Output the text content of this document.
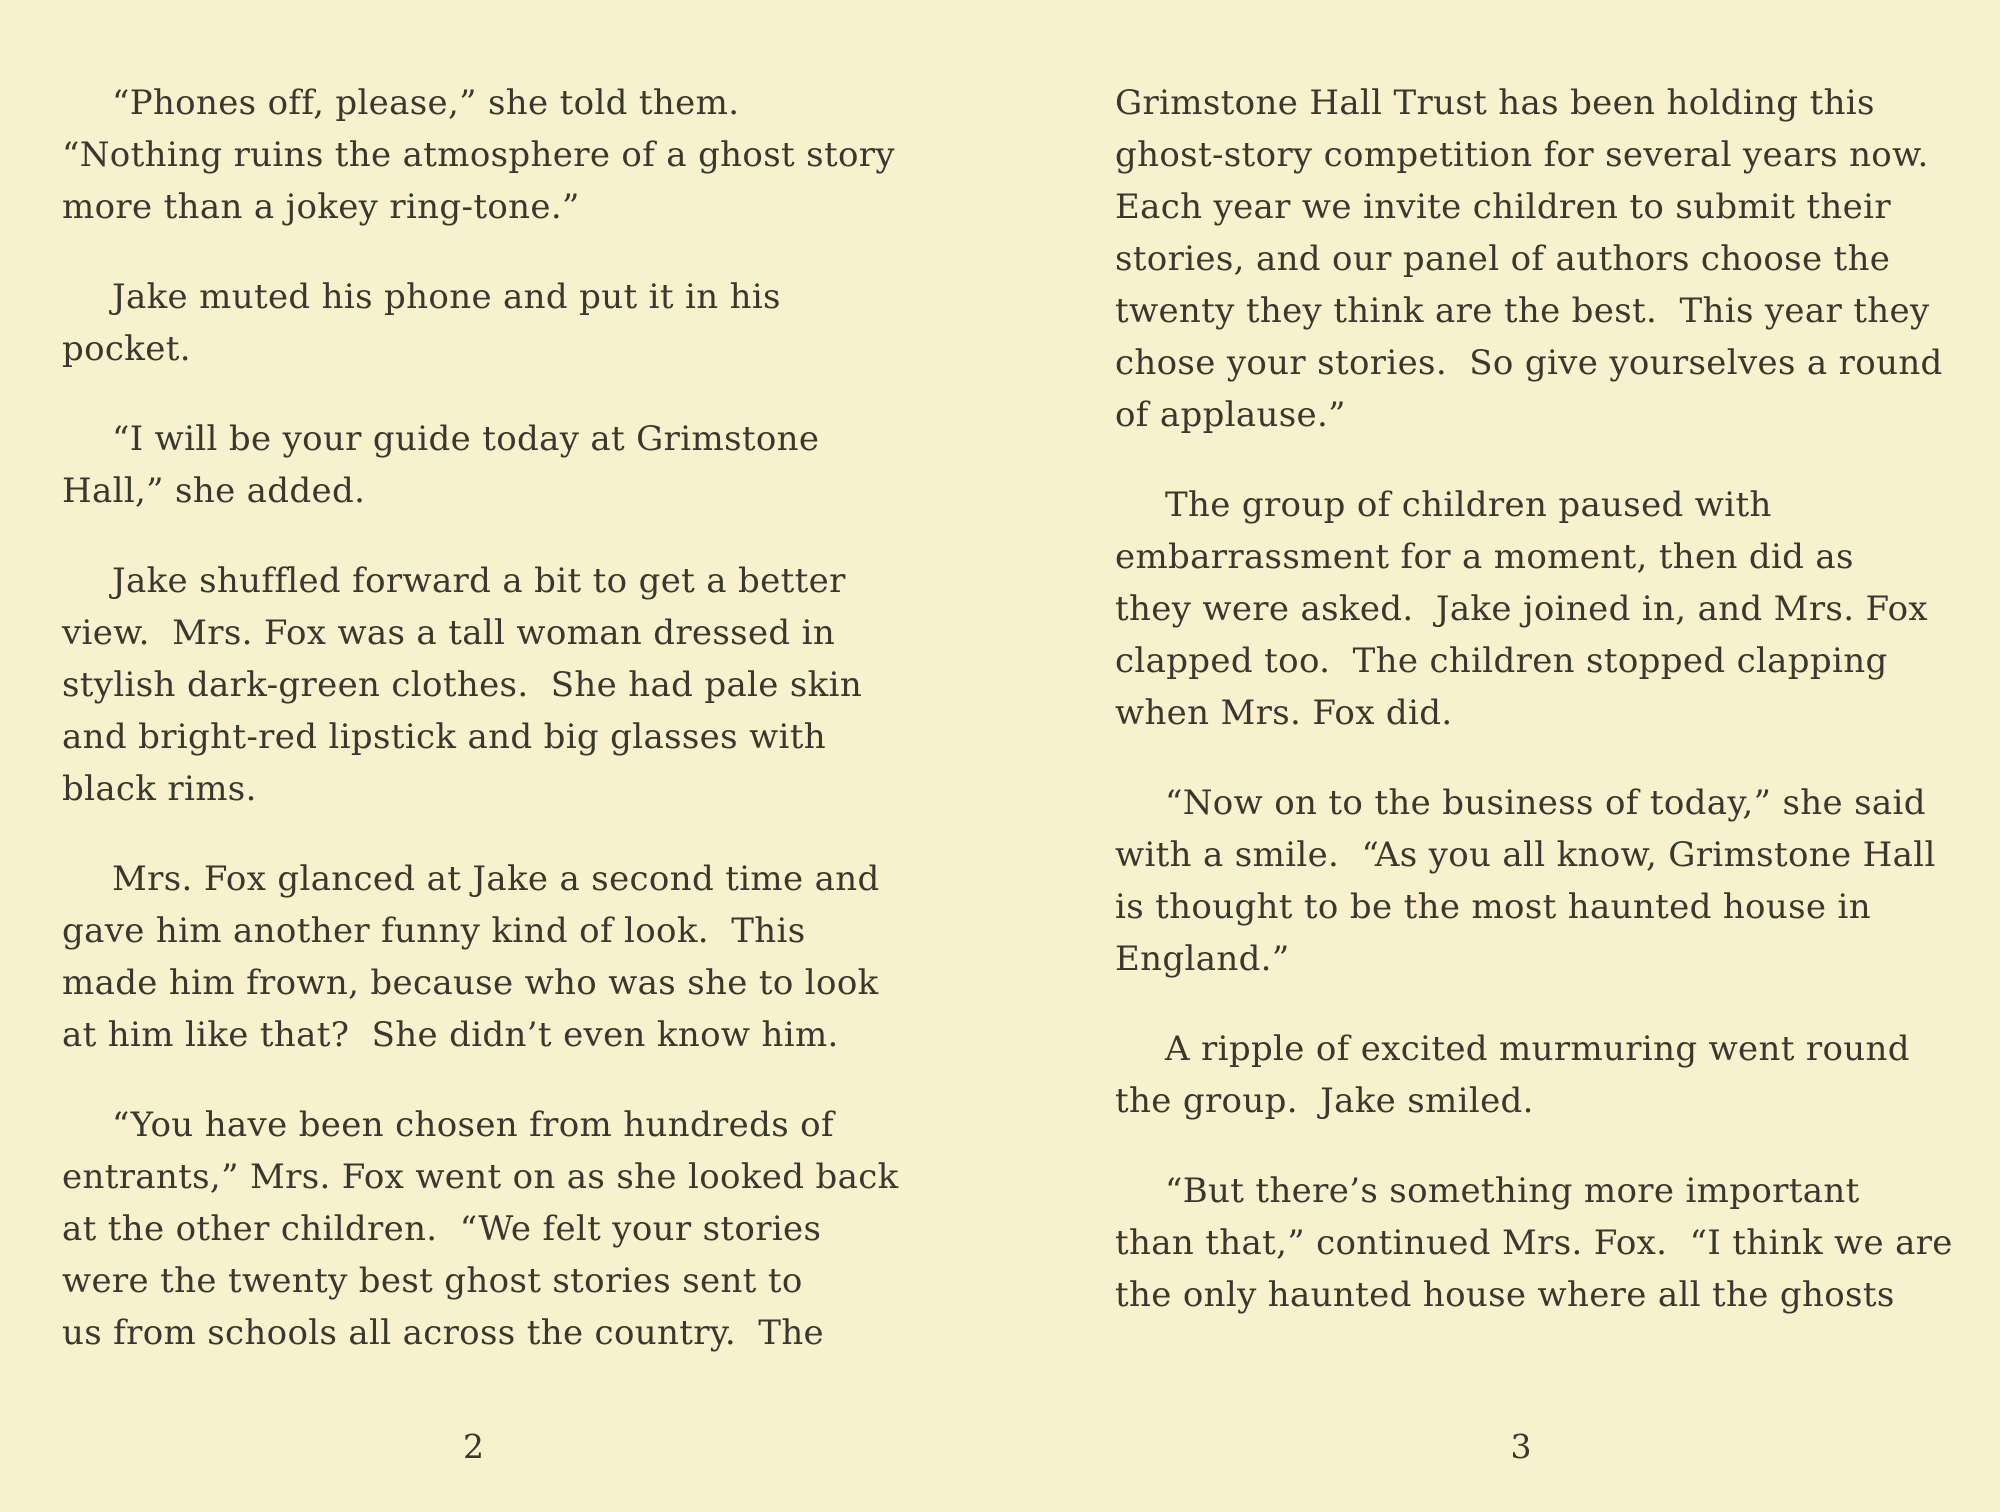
“Phones off, please,” she told them.
“Nothing ruins the atmosphere of a ghost story
more than a jokey ring-tone.”

Jake muted his phone and put it in his
pocket.

“I will be your guide today at Grimstone
Hall,” she added.

Jake shuffled forward a bit to get a better
view.  Mrs. Fox was a tall woman dressed in
stylish dark-green clothes.  She had pale skin
and bright-red lipstick and big glasses with
black rims.

Mrs. Fox glanced at Jake a second time and
gave him another funny kind of look.  This
made him frown, because who was she to look
at him like that?  She didn’t even know him.

“You have been chosen from hundreds of
entrants,” Mrs. Fox went on as she looked back
at the other children.  “We felt your stories
were the twenty best ghost stories sent to
us from schools all across the country.  The

2

Grimstone Hall Trust has been holding this
ghost-story competition for several years now.
Each year we invite children to submit their
stories, and our panel of authors choose the
twenty they think are the best.  This year they
chose your stories.  So give yourselves a round
of applause.”

The group of children paused with
embarrassment for a moment, then did as
they were asked.  Jake joined in, and Mrs. Fox
clapped too.  The children stopped clapping
when Mrs. Fox did.

“Now on to the business of today,” she said
with a smile.  “As you all know, Grimstone Hall
is thought to be the most haunted house in
England.”

A ripple of excited murmuring went round
the group.  Jake smiled.

“But there’s something more important
than that,” continued Mrs. Fox.  “I think we are
the only haunted house where all the ghosts

3
